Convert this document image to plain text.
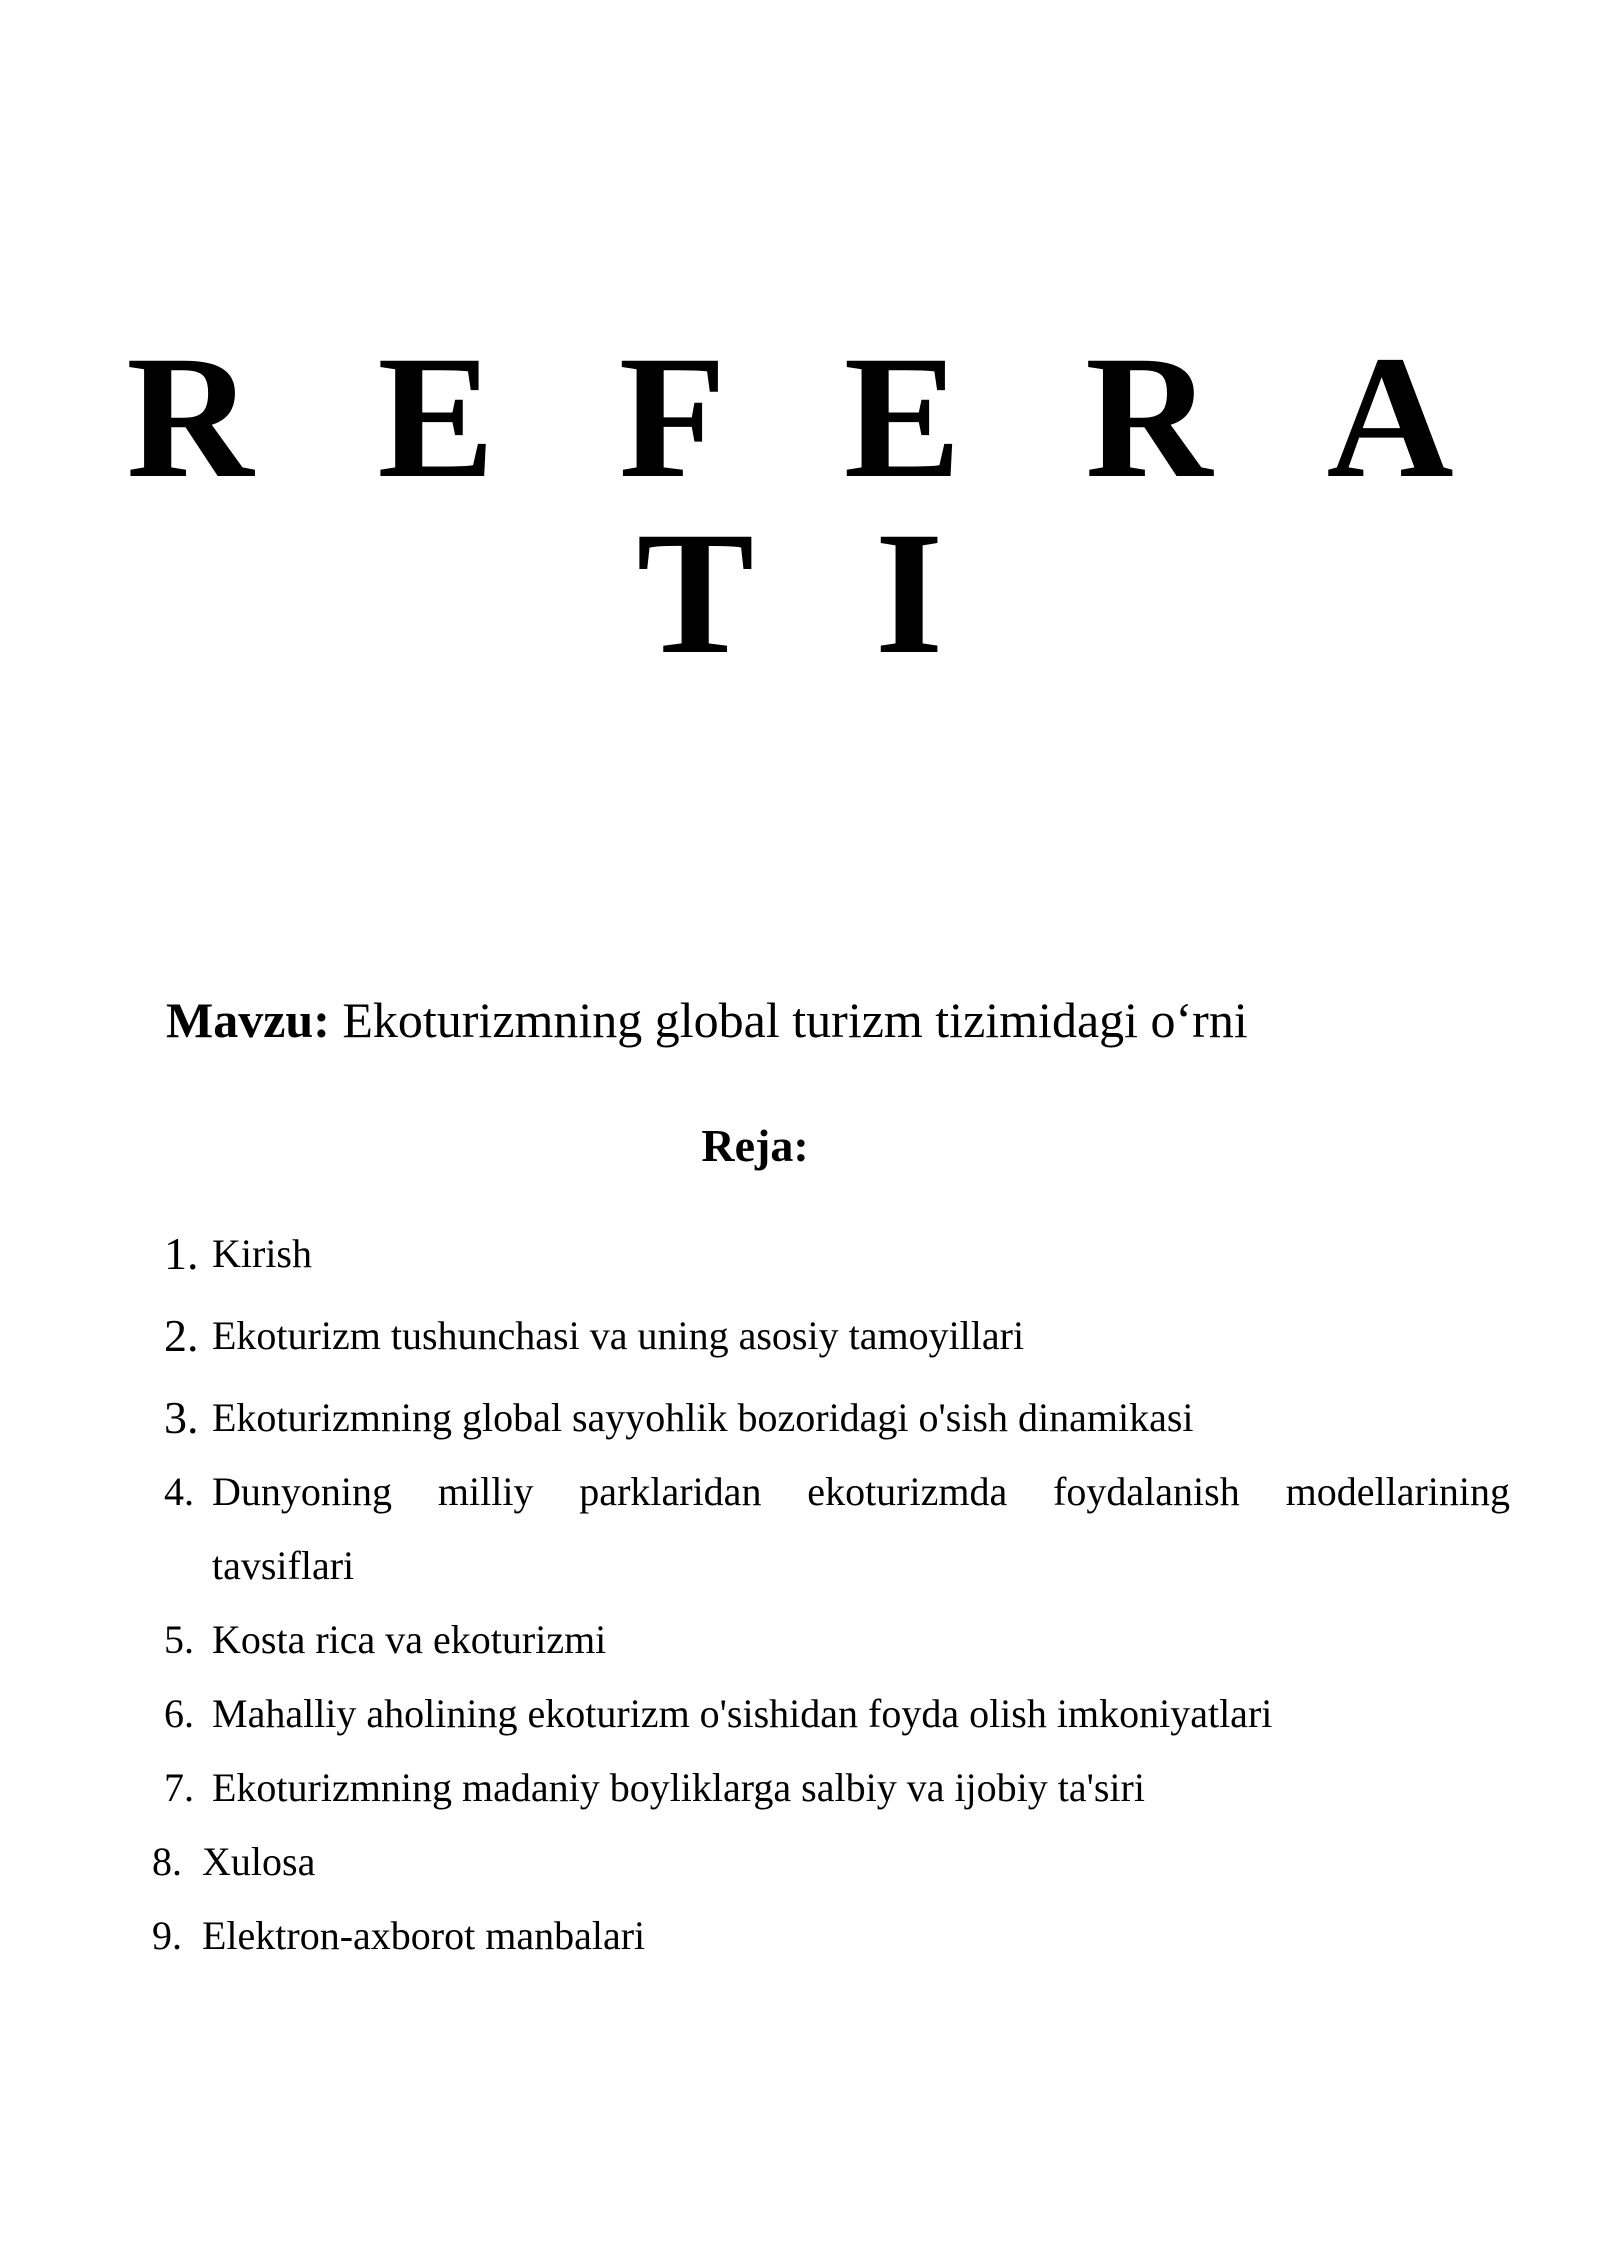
R E F E R A T I
Mavzu: Ekoturizmning global turizm tizimidagi o‘rni
Reja:
1. Kirish
2. Ekoturizm tushunchasi va uning asosiy tamoyillari
3. Ekoturizmning global sayyohlik bozoridagi o'sish dinamikasi
4. Dunyoning milliy parklaridan ekoturizmda foydalanish modellarining
tavsiflari
5. Kosta rica va ekoturizmi
6. Mahalliy aholining ekoturizm o'sishidan foyda olish imkoniyatlari
7. Ekoturizmning madaniy boyliklarga salbiy va ijobiy ta'siri
8. Xulosa
9. Elektron-axborot manbalari
